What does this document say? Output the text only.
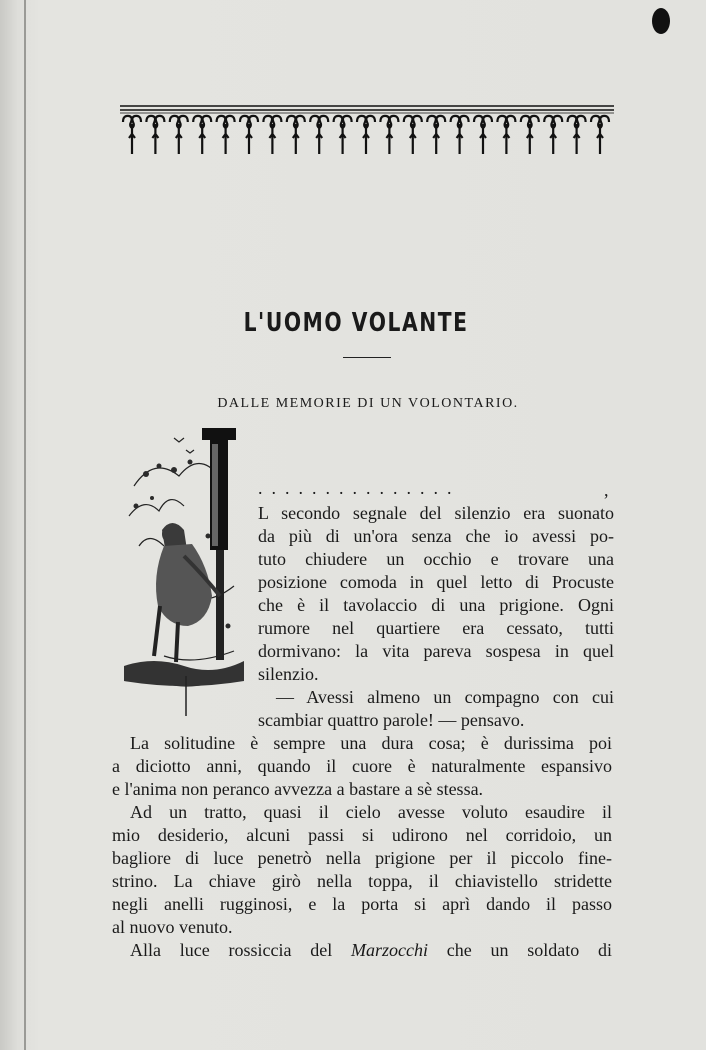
L'UOMO VOLANTE
DALLE MEMORIE DI UN VOLONTARIO.
...............	,
L secondo segnale del silenzio era suonato
da più di un'ora senza che io avessi po-
tuto chiudere un occhio e trovare una
posizione comoda in quel letto di Procuste
che è il tavolaccio di una prigione. Ogni
rumore nel quartiere era cessato, tutti
dormivano: la vita pareva sospesa in quel
silenzio.
— Avessi almeno un compagno con cui
scambiar quattro parole! — pensavo.
La solitudine è sempre una dura cosa; è durissima poi
a diciotto anni, quando il cuore è naturalmente espansivo
e l'anima non peranco avvezza a bastare a sè stessa.
Ad un tratto, quasi il cielo avesse voluto esaudire il
mio desiderio, alcuni passi si udirono nel corridoio, un
bagliore di luce penetrò nella prigione per il piccolo fine-
strino. La chiave girò nella toppa, il chiavistello stridette
negli anelli rugginosi, e la porta si aprì dando il passo
al nuovo venuto.
Alla luce rossiccia del Marzocchi che un soldato di
